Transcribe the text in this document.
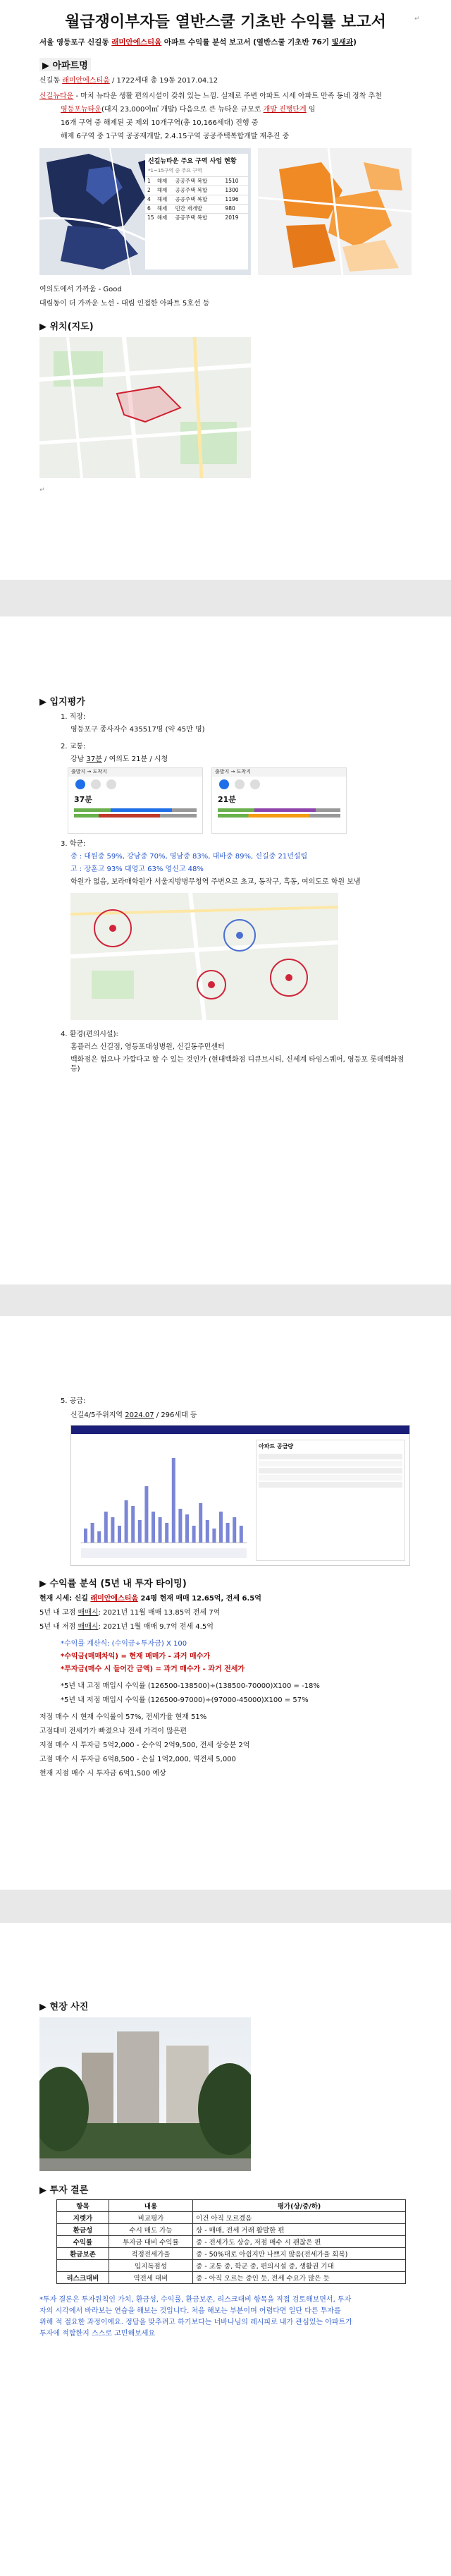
월급쟁이부자들 열반스쿨 기초반 수익률 보고서	↵
서울 영등포구 신길동 래미안에스티움 아파트 수익률 분석 보고서 (열반스쿨 기초반 76기 빛새과)
▶ 아파트명
신길동 래미안에스티움 / 1722세대 총 19동 2017.04.12
신길뉴타운 - 마치 뉴타운 생활 편의시설이 갖춰 있는 느낌. 실제로 주변 아파트 시세 아파트 만족 동네 정착 추천
영등포뉴타운(대지 23,000여㎡ 개발) 다음으로 큰 뉴타운 규모로 개발 진행단계 임
16개 구역 중 해제된 곳 제외 10개구역(총 10,166세대) 진행 중
해제 6구역 중 1구역 공공재개발, 2.4.15구역 공공주택복합개발 재추진 중
신길뉴타운 주요 구역 사업 현황
*1~15구역 중 주요 구역
1	해제	공공주택 복합	1510
2	해제	공공주택 복합	1300
4	해제	공공주택 복합	1196
6	해제	민간 재개발	980
15 해제	공공주택 복합	2019
여의도에서 가까움 - Good
대림동이 더 가까운 노선 - 대림 인접한 아파트 5호선 등
▶ 위치(지도)
↵
▶ 입지평가
1. 직장:
영등포구 종사자수 435517명 (약 45만 명)
2. 교통:
강남 37분 / 여의도 21분 / 시청
출발지 → 도착지
37분
출발지 → 도착지
21분
3. 학군:
중 : 대원중 59%, 강남중 70%, 영남중 83%, 대바중 89%, 신길중 21년설립
고 : 장훈고 93% 대영고 63% 영신고 48%
학원가 없음, 보라매학원가 서울지방병무청역 주변으로 초교, 동작구, 흑동, 여의도로 학원 보냄
4. 환경(편의시설):
홈플러스 신길점, 영등포대성병원, 신길동주민센터
백화점은 험으나 가깝다고 할 수 있는 것인가 (현대백화점 디큐브시티, 신세계 타임스퀘어, 영등포 롯데백화점 등)
5. 공급:
신길4/5주위지역 2024.07 / 296세대 등
아파트 공급량
▶ 수익률 분석 (5년 내 투자 타이밍)
현재 시세: 신길 래미안에스티움 24평 현재 매매 12.65억, 전세 6.5억
5년 내 고점 매매시: 2021년 11월 매매 13.85억 전세 7억
5년 내 저점 매매시: 2021년 1월 매매 9.7억 전세 4.5억
*수익률 계산식: (수익금÷투자금) X 100
*수익금(매매차익) = 현재 매매가 - 과거 매수가
*투자금(매수 시 들어간 금액) = 과거 매수가 - 과거 전세가
*5년 내 고점 매입시 수익률 (126500-138500)÷(138500-70000)X100 = -18%
*5년 내 저점 매입시 수익률 (126500-97000)÷(97000-45000)X100 = 57%
저점 매수 시 현재 수익률이 57%, 전세가율 현재 51%
고점대비 전세가가 빠졌으나 전세 가격이 많은편
저점 매수 시 투자금 5억2,000 - 순수익 2억9,500, 전세 상승분 2억
고점 매수 시 투자금 6억8,500 - 손실 1억2,000, 역전세 5,000
현재 지점 매수 시 투자금 6억1,500 예상
▶ 현장 사진
▶ 투자 결론
항목	내용	평가(상/중/하)
지렛가	비교평가	이건 아직 모르겠음
환금성	수시 매도 가능	상 - 매매, 전세 거래 활발한 편
수익률	투자금 대비 수익률	중 - 전세가도 상승, 저점 매수 시 괜찮은 편
환금보존	적정전세가율	중 - 50%대로 아쉽지만 나쁘지 않음(전세가율 회복)
	입지독점성	중 - 교통 중, 학군 중, 편의시설 중, 생활권 기대
리스크대비	역전세 대비	중 - 아직 오르는 중인 듯, 전세 수요가 많은 듯
*투자 결론은 투자원칙인 가치, 환금성, 수익률, 환금보존, 리스크대비 항목을 직접 검토해보면서, 투자
자의 시각에서 바라보는 연습을 해보는 것입니다. 처음 해보는 부분이며 어렵다면 일단 다른 투자를
위해 적 절요한 과정이에요. 정답을 맞추려고 하기보다는 너바나님의 레시피로 내가 관심있는 아파트가
투자에 적합한지 스스로 고민해보세요
